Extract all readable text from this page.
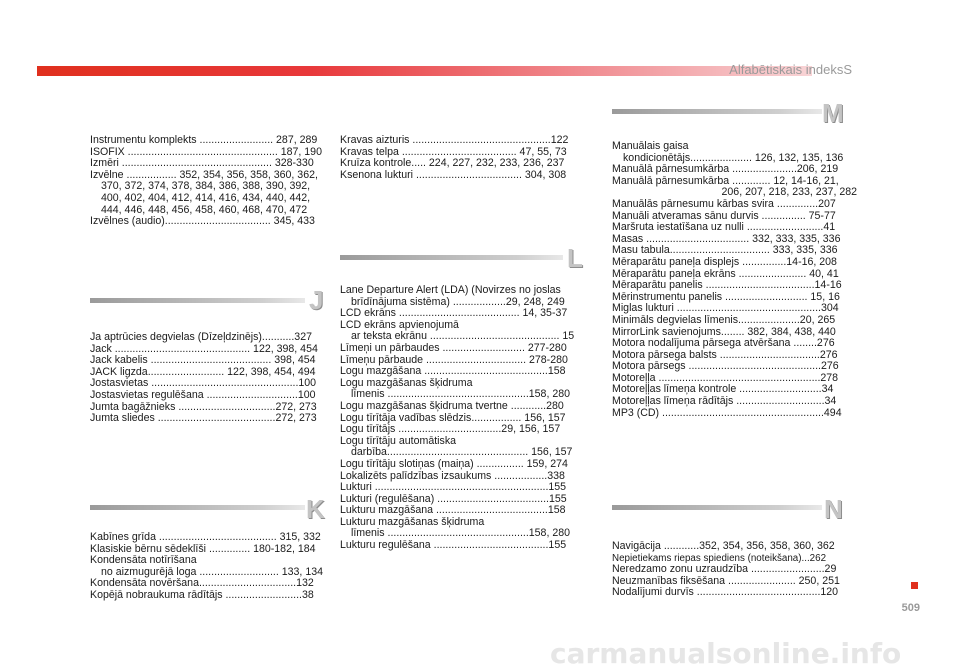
Alfabētiskais indeksS
Instrumentu komplekts ......................... 287, 289
ISOFIX ................................................... 187, 190
Izmēri ................................................... 328-330
Izvēlne ................. 352, 354, 356, 358, 360, 362,
370, 372, 374, 378, 384, 386, 388, 390, 392,
400, 402, 404, 412, 414, 416, 434, 440, 442,
444, 446, 448, 456, 458, 460, 468, 470, 472
Izvēlnes (audio).................................... 345, 433
J
Ja aptrūcies degvielas (Dīzeļdzinējs)...........327
Jack .............................................. 122, 398, 454
Jack kabelis ......................................... 398, 454
JACK ligzda.......................... 122, 398, 454, 494
Jostasvietas ..................................................100
Jostasvietas regulēšana ...............................100
Jumta bagāžnieks .................................272, 273
Jumta sliedes ........................................272, 273
K
Kabīnes grīda ........................................ 315, 332
Klasiskie bērnu sēdeklīši .............. 180-182, 184
Kondensāta notīrīšana
no aizmugurējā loga ........................... 133, 134
Kondensāta novēršana.................................132
Kopējā nobraukuma rādītājs ..........................38
Kravas aizturis ...............................................122
Kravas telpa ....................................... 47, 55, 73
Kruīza kontrole..... 224, 227, 232, 233, 236, 237
Ksenona lukturi .................................... 304, 308
L
Lane Departure Alert (LDA) (Novirzes no joslas
brīdīnājuma sistēma) ..................29, 248, 249
LCD ekrāns ......................................... 14, 35-37
LCD ekrāns apvienojumā
ar teksta ekrānu ............................................ 15
Līmeņi un pārbaudes ............................ 277-280
Līmeņu pārbaude .................................. 278-280
Logu mazgāšana ..........................................158
Logu mazgāšanas šķidruma
līmenis ................................................158, 280
Logu mazgāšanas šķidruma tvertne ............280
Logu tīrītāja vadības slēdzis................. 156, 157
Logu tīrītājs ...................................29, 156, 157
Logu tīrītāju automātiska
darbība................................................ 156, 157
Logu tīrītāju slotiņas (maiņa) ................ 159, 274
Lokalizēts palīdzības izsaukums ..................338
Lukturi ...........................................................155
Lukturi (regulēšana) ......................................155
Lukturu mazgāšana ......................................158
Lukturu mazgāšanas šķidruma
līmenis ................................................158, 280
Lukturu regulēšana .......................................155
M
Manuālais gaisa
kondicionētājs..................... 126, 132, 135, 136
Manuālā pārnesumkārba ......................206, 219
Manuālā pārnesumkārba ............. 12, 14-16, 21,
206, 207, 218, 233, 237, 282
Manuālās pārnesumu kārbas svira ..............207
Manuāli atveramas sānu durvis ............... 75-77
Maršruta iestatīšana uz nulli ..........................41
Masas ................................... 332, 333, 335, 336
Masu tabula.................................. 333, 335, 336
Mēraparātu paneļa displejs ...............14-16, 208
Mēraparātu paneļa ekrāns ....................... 40, 41
Mēraparātu panelis .....................................14-16
Mērinstrumentu panelis ............................ 15, 16
Miglas lukturi .................................................304
Minimāls degvielas līmenis.....................20, 265
MirrorLink savienojums........ 382, 384, 438, 440
Motora nodalījuma pārsega atvēršana ........276
Motora pārsega balsts ..................................276
Motora pārsegs .............................................276
Motoreļļa .......................................................278
Motoreļļas līmeņa kontrole ............................34
Motoreļļas līmeņa rādītājs ..............................34
MP3 (CD) .......................................................494
N
Navigācija ............352, 354, 356, 358, 360, 362
Nepietiekams riepas spiediens (noteikšana)...262
Neredzamo zonu uzraudzība .........................29
Neuzmanības fiksēšana ....................... 250, 251
Nodalījumi durvīs ..........................................120
509
carmanualsonline.info
